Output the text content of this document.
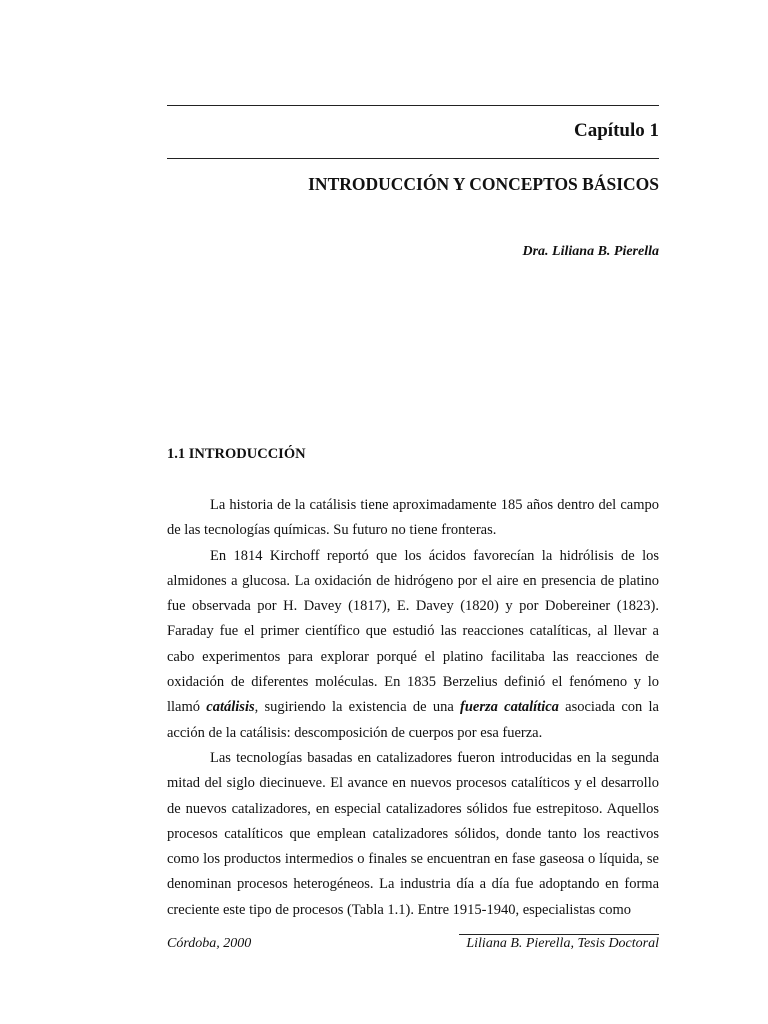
Capítulo 1
INTRODUCCIÓN Y CONCEPTOS BÁSICOS
Dra. Liliana B. Pierella
1.1 INTRODUCCIÓN

La historia de la catálisis tiene aproximadamente 185 años dentro del campo de las tecnologías químicas. Su futuro no tiene fronteras.

En 1814 Kirchoff reportó que los ácidos favorecían la hidrólisis de los almidones a glucosa. La oxidación de hidrógeno por el aire en presencia de platino fue observada por H. Davey (1817), E. Davey (1820) y por Dobereiner (1823). Faraday fue el primer científico que estudió las reacciones catalíticas, al llevar a cabo experimentos para explorar porqué el platino facilitaba las reacciones de oxidación de diferentes moléculas. En 1835 Berzelius definió el fenómeno y lo llamó catálisis, sugiriendo la existencia de una fuerza catalítica asociada con la acción de la catálisis: descomposición de cuerpos por esa fuerza.

Las tecnologías basadas en catalizadores fueron introducidas en la segunda mitad del siglo diecinueve. El avance en nuevos procesos catalíticos y el desarrollo de nuevos catalizadores, en especial catalizadores sólidos fue estrepitoso. Aquellos procesos catalíticos que emplean catalizadores sólidos, donde tanto los reactivos como los productos intermedios o finales se encuentran en fase gaseosa o líquida, se denominan procesos heterogéneos. La industria día a día fue adoptando en forma creciente este tipo de procesos (Tabla 1.1). Entre 1915-1940, especialistas como

Córdoba, 2000	Liliana B. Pierella, Tesis Doctoral
